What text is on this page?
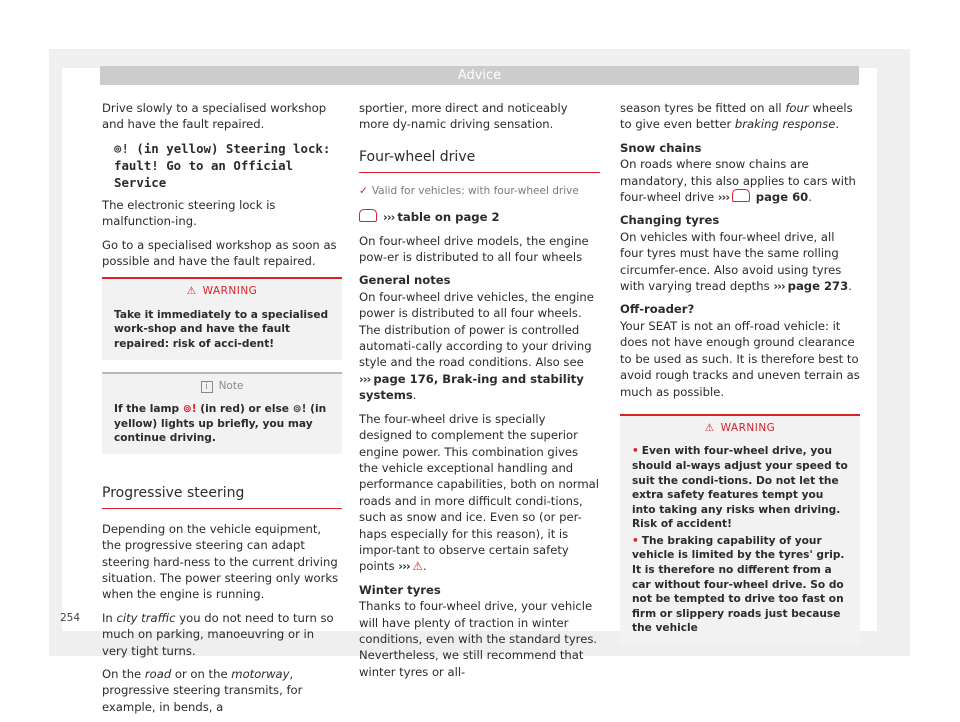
Advice

Drive slowly to a specialised workshop and have the fault repaired.

⊚! (in yellow) Steering lock:
fault! Go to an Official Service

The electronic steering lock is malfunction-ing.

Go to a specialised workshop as soon as possible and have the fault repaired.

⚠ WARNING
Take it immediately to a specialised work-shop and have the fault repaired: risk of acci-dent!
i Note
If the lamp ⊚! (in red) or else ⊚! (in yellow) lights up briefly, you may continue driving.
Progressive steering

Depending on the vehicle equipment, the progressive steering can adapt steering hard-ness to the current driving situation. The power steering only works when the engine is running.

In city traffic you do not need to turn so much on parking, manoeuvring or in very tight turns.

On the road or on the motorway, progressive steering transmits, for example, in bends, a

sportier, more direct and noticeably more dy-namic driving sensation.

Four-wheel drive
✓ Valid for vehicles: with four-wheel drive

››› table on page 2

On four-wheel drive models, the engine pow-er is distributed to all four wheels

General notes

On four-wheel drive vehicles, the engine power is distributed to all four wheels. The distribution of power is controlled automati-cally according to your driving style and the road conditions. Also see ››› page 176, Brak-ing and stability systems.

The four-wheel drive is specially designed to complement the superior engine power. This combination gives the vehicle exceptional handling and performance capabilities, both on normal roads and in more difficult condi-tions, such as snow and ice. Even so (or per-haps especially for this reason), it is impor-tant to observe certain safety points ››› ⚠.

Winter tyres

Thanks to four-wheel drive, your vehicle will have plenty of traction in winter conditions, even with the standard tyres. Nevertheless, we still recommend that winter tyres or all-

season tyres be fitted on all four wheels to give even better braking response.

Snow chains

On roads where snow chains are mandatory, this also applies to cars with four-wheel drive ››› page 60.

Changing tyres

On vehicles with four-wheel drive, all four tyres must have the same rolling circumfer-ence. Also avoid using tyres with varying tread depths ››› page 273.

Off-roader?

Your SEAT is not an off-road vehicle: it does not have enough ground clearance to be used as such. It is therefore best to avoid rough tracks and uneven terrain as much as possible.

⚠ WARNING
• Even with four-wheel drive, you should al-ways adjust your speed to suit the condi-tions. Do not let the extra safety features tempt you into taking any risks when driving. Risk of accident!
• The braking capability of your vehicle is limited by the tyres' grip. It is therefore no different from a car without four-wheel drive. So do not be tempted to drive too fast on firm or slippery roads just because the vehicle
254
